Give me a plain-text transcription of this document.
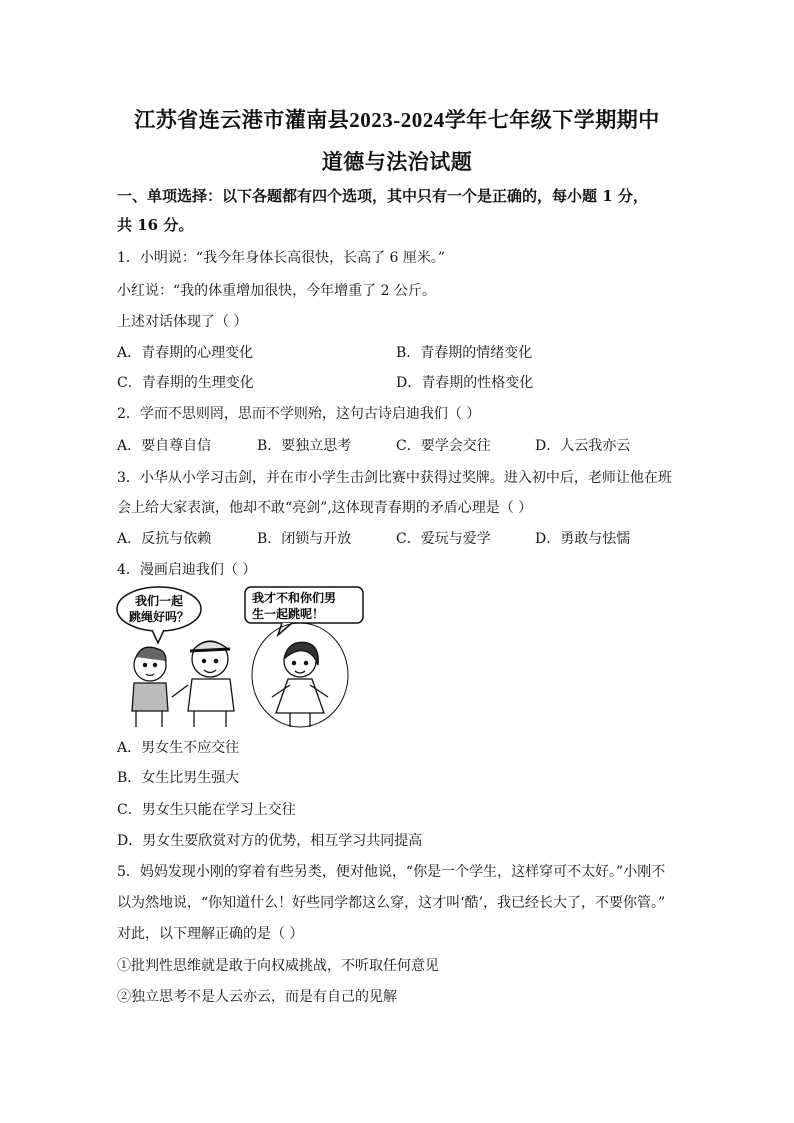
江苏省连云港市灌南县2023-2024学年七年级下学期期中
道德与法治试题
一、单项选择：以下各题都有四个选项，其中只有一个是正确的，每小题 1 分，
共 16 分。
1．小明说：“我今年身体长高很快，长高了 6 厘米。”
小红说：“我的体重增加很快，今年增重了 2 公斤。
上述对话体现了（ ）
A．青春期的心理变化	B．青春期的情绪变化
C．青春期的生理变化	D．青春期的性格变化
2．学而不思则罔，思而不学则殆，这句古诗启迪我们（ ）
A．要自尊自信	B．要独立思考	C．要学会交往	D．人云我亦云
3．小华从小学习击剑，并在市小学生击剑比赛中获得过奖牌。进入初中后，老师让他在班
会上给大家表演，他却不敢“亮剑”,这体现青春期的矛盾心理是（ ）
A．反抗与依赖	B．闭锁与开放	C．爱玩与爱学	D．勇敢与怯懦
4．漫画启迪我们（ ）
我们一起
跳绳好吗？
我才不和你们男
生一起跳呢！
A．男女生不应交往
B．女生比男生强大
C．男女生只能在学习上交往
D．男女生要欣赏对方的优势，相互学习共同提高
5．妈妈发现小刚的穿着有些另类，便对他说，“你是一个学生，这样穿可不太好。”小刚不
以为然地说，“你知道什么！好些同学都这么穿，这才叫‘酷’，我已经长大了，不要你管。”
对此，以下理解正确的是（ ）
①批判性思维就是敢于向权威挑战，不听取任何意见
②独立思考不是人云亦云，而是有自己的见解
